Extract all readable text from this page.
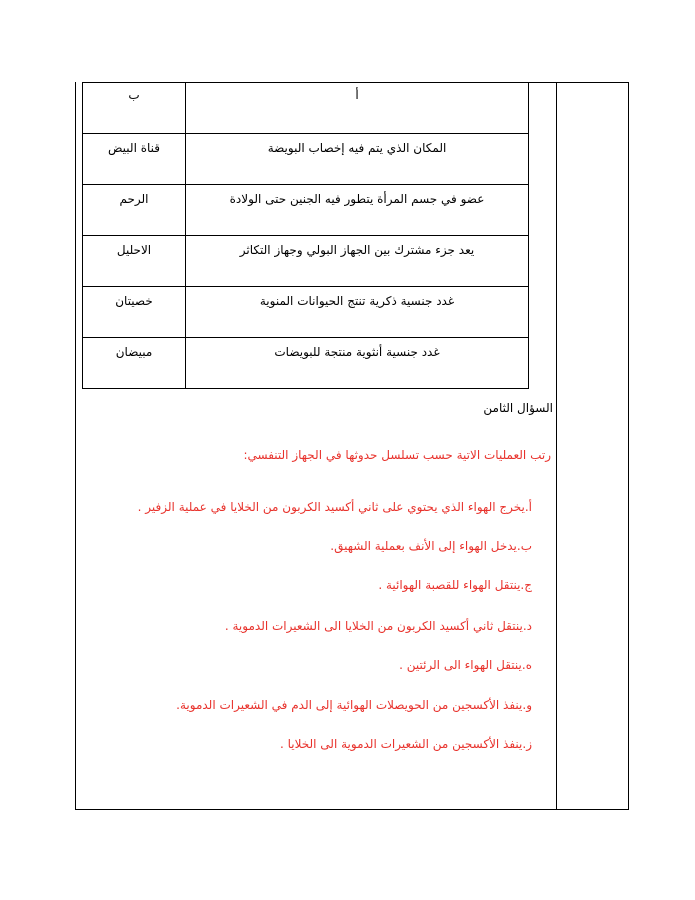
ب	أ

قناة البيض	المكان الذي يتم فيه إخصاب البويضة

الرحم	عضو في جسم المرأة يتطور فيه الجنين حتى الولادة

الاحليل	يعد جزء مشترك بين الجهاز البولي وجهاز التكاثر

خصيتان	غدد جنسية ذكرية تنتج الحيوانات المنوية

مبيضان	غدد جنسية أنثوية منتجة للبويضات
السؤال الثامن
رتب العمليات الاتية حسب تسلسل حدوثها في الجهاز التنفسي:
أ.يخرج الهواء الذي يحتوي على ثاني أكسيد الكربون من الخلايا في عملية الزفير .
ب.يدخل الهواء إلى الأنف بعملية الشهيق.
ج.ينتقل الهواء للقصبة الهوائية .
د.ينتقل ثاني أكسيد الكربون من الخلايا الى الشعيرات الدموية .
ه.ينتقل الهواء الى الرئتين .
و.ينفذ الأكسجين من الحويصلات الهوائية إلى الدم في الشعيرات الدموية.
ز.ينفذ الأكسجين من الشعيرات الدموية الى الخلايا .
